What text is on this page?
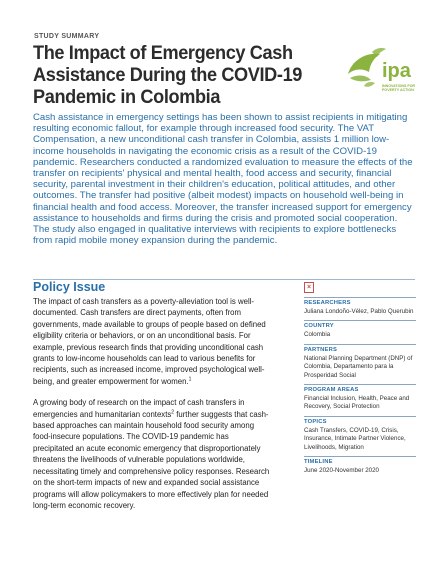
STUDY SUMMARY
The Impact of Emergency Cash Assistance During the COVID-19 Pandemic in Colombia
ipa
INNOVATIONS FOR POVERTY ACTION
Cash assistance in emergency settings has been shown to assist recipients in mitigating resulting economic fallout, for example through increased food security. The VAT Compensation, a new unconditional cash transfer in Colombia, assists 1 million low-income households in navigating the economic crisis as a result of the COVID-19 pandemic. Researchers conducted a randomized evaluation to measure the effects of the transfer on recipients' physical and mental health, food access and security, financial security, parental investment in their children's education, political attitudes, and other outcomes. The transfer had positive (albeit modest) impacts on household well-being in financial health and food access. Moreover, the transfer increased support for emergency assistance to households and firms during the crisis and promoted social cooperation. The study also engaged in qualitative interviews with recipients to explore bottlenecks from rapid mobile money expansion during the pandemic.
Policy Issue

The impact of cash transfers as a poverty-alleviation tool is well-documented. Cash transfers are direct payments, often from governments, made available to groups of people based on defined eligibility criteria or behaviors, or on an unconditional basis. For example, previous research finds that providing unconditional cash grants to low-income households can lead to various benefits for recipients, such as increased income, improved psychological well-being, and greater empowerment for women.$^1$

A growing body of research on the impact of cash transfers in emergencies and humanitarian contexts$^2$ further suggests that cash-based approaches can maintain household food security among food-insecure populations. The COVID-19 pandemic has precipitated an acute economic emergency that disproportionately threatens the livelihoods of vulnerable populations worldwide, necessitating timely and comprehensive policy responses. Research on the short-term impacts of new and expanded social assistance programs will allow policymakers to more effectively plan for needed long-term economic recovery.

×
RESEARCHERS
Juliana Londoño-Vélez, Pablo Querubin
COUNTRY
Colombia
PARTNERS
National Planning Department (DNP) of Colombia, Departamento para la Prosperidad Social
PROGRAM AREAS
Financial Inclusion, Health, Peace and Recovery, Social Protection
TOPICS
Cash Transfers, COVID-19, Crisis, Insurance, Intimate Partner Violence, Livelihoods, Migration
TIMELINE
June 2020-November 2020
